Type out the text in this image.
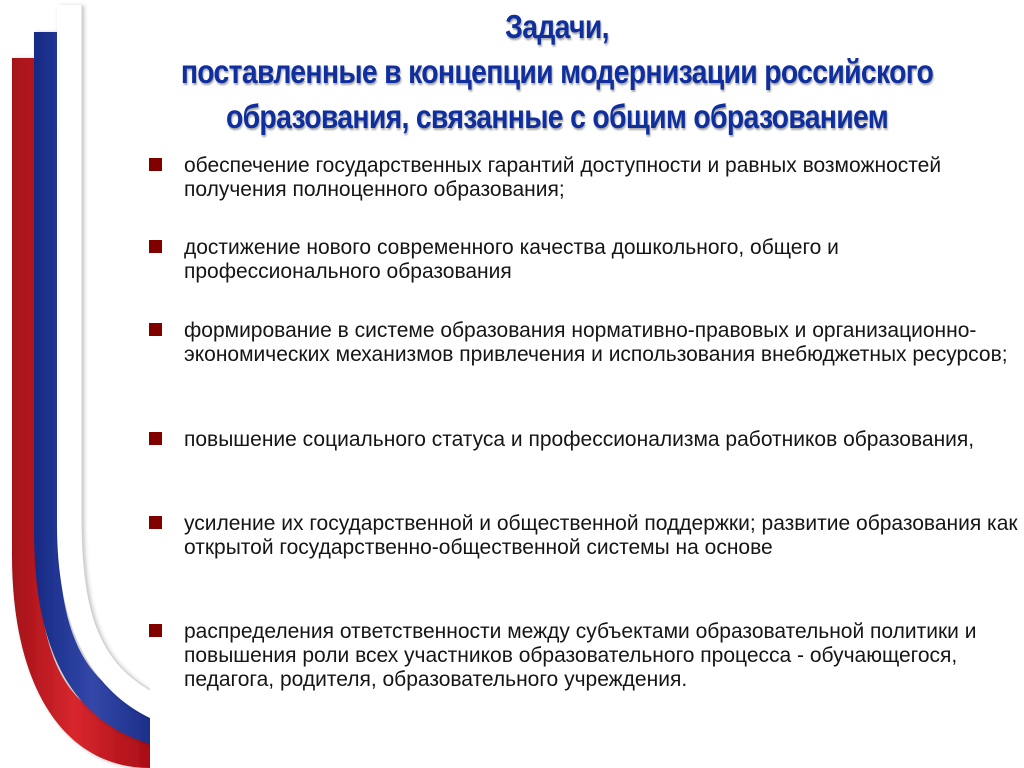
Задачи,
поставленные в концепции модернизации российского
образования, связанные с общим образованием
обеспечение государственных гарантий доступности и равных возможностей получения полноценного образования;
достижение нового современного качества дошкольного, общего и профессионального образования
формирование в системе образования нормативно-правовых и организационно-экономических механизмов привлечения и использования внебюджетных ресурсов;
повышение социального статуса и профессионализма работников образования,
усиление их государственной и общественной поддержки; развитие образования как открытой государственно-общественной системы на основе
распределения ответственности между субъектами образовательной политики и повышения роли всех участников образовательного процесса - обучающегося, педагога, родителя, образовательного учреждения.
